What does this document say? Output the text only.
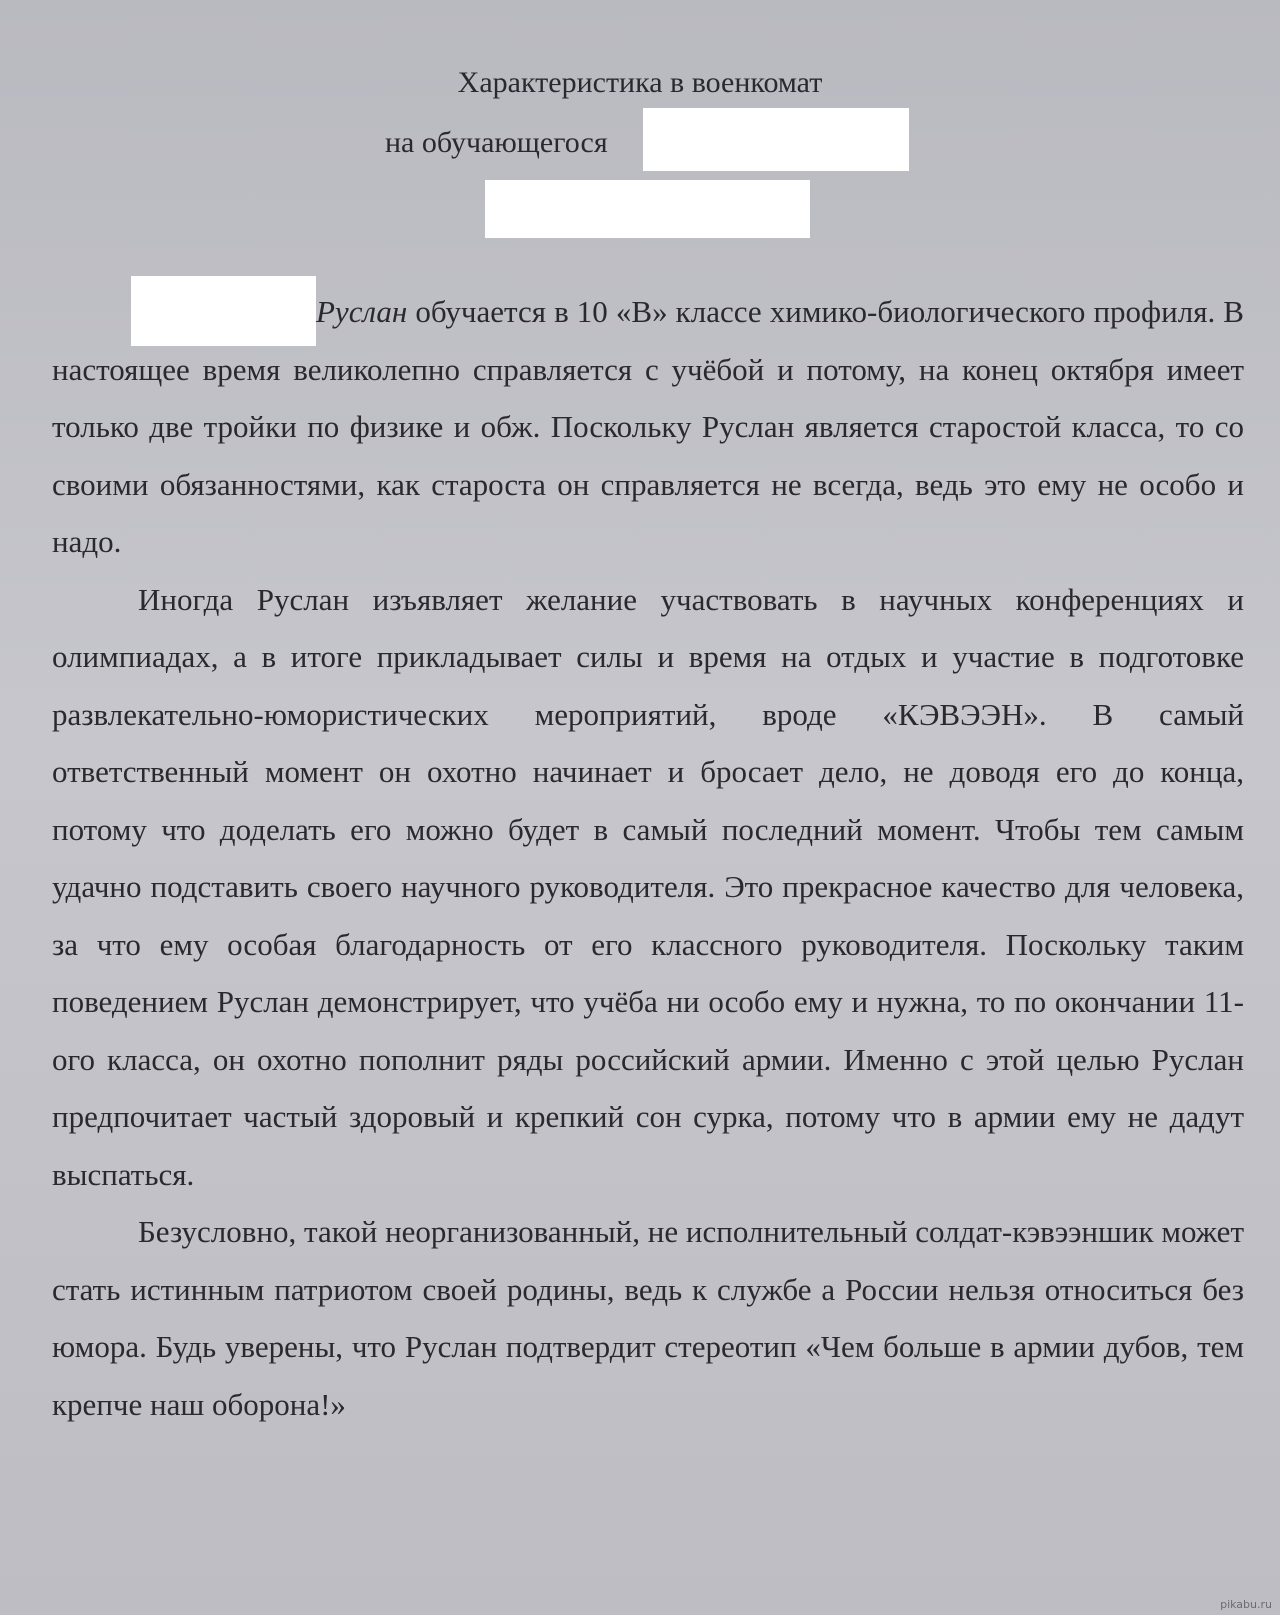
Характеристика в военкомат
на обучающегося

Руслан обучается в 10 «В» классе химико-биологического профиля. В настоящее время великолепно справляется с учёбой и потому, на конец октября имеет только две тройки по физике и обж. Поскольку Руслан является старостой класса, то со своими обязанностями, как староста он справляется не всегда, ведь это ему не особо и надо.

Иногда Руслан изъявляет желание участвовать в научных конференциях и олимпиадах, а в итоге прикладывает силы и время на отдых и участие в подготовке развлекательно-юмористических мероприятий, вроде «КЭВЭЭН». В самый ответственный момент он охотно начинает и бросает дело, не доводя его до конца, потому что доделать его можно будет в самый последний момент. Чтобы тем самым удачно подставить своего научного руководителя. Это прекрасное качество для человека, за что ему особая благодарность от его классного руководителя. Поскольку таким поведением Руслан демонстрирует, что учёба ни особо ему и нужна, то по окончании 11-ого класса, он охотно пополнит ряды российский армии. Именно с этой целью Руслан предпочитает частый здоровый и крепкий сон сурка, потому что в армии ему не дадут выспаться.

Безусловно, такой неорганизованный, не исполнительный солдат-кэвээншик может стать истинным патриотом своей родины, ведь к службе а России нельзя относиться без юмора. Будь уверены, что Руслан подтвердит стереотип «Чем больше в армии дубов, тем крепче наш оборона!»

pikabu.ru
